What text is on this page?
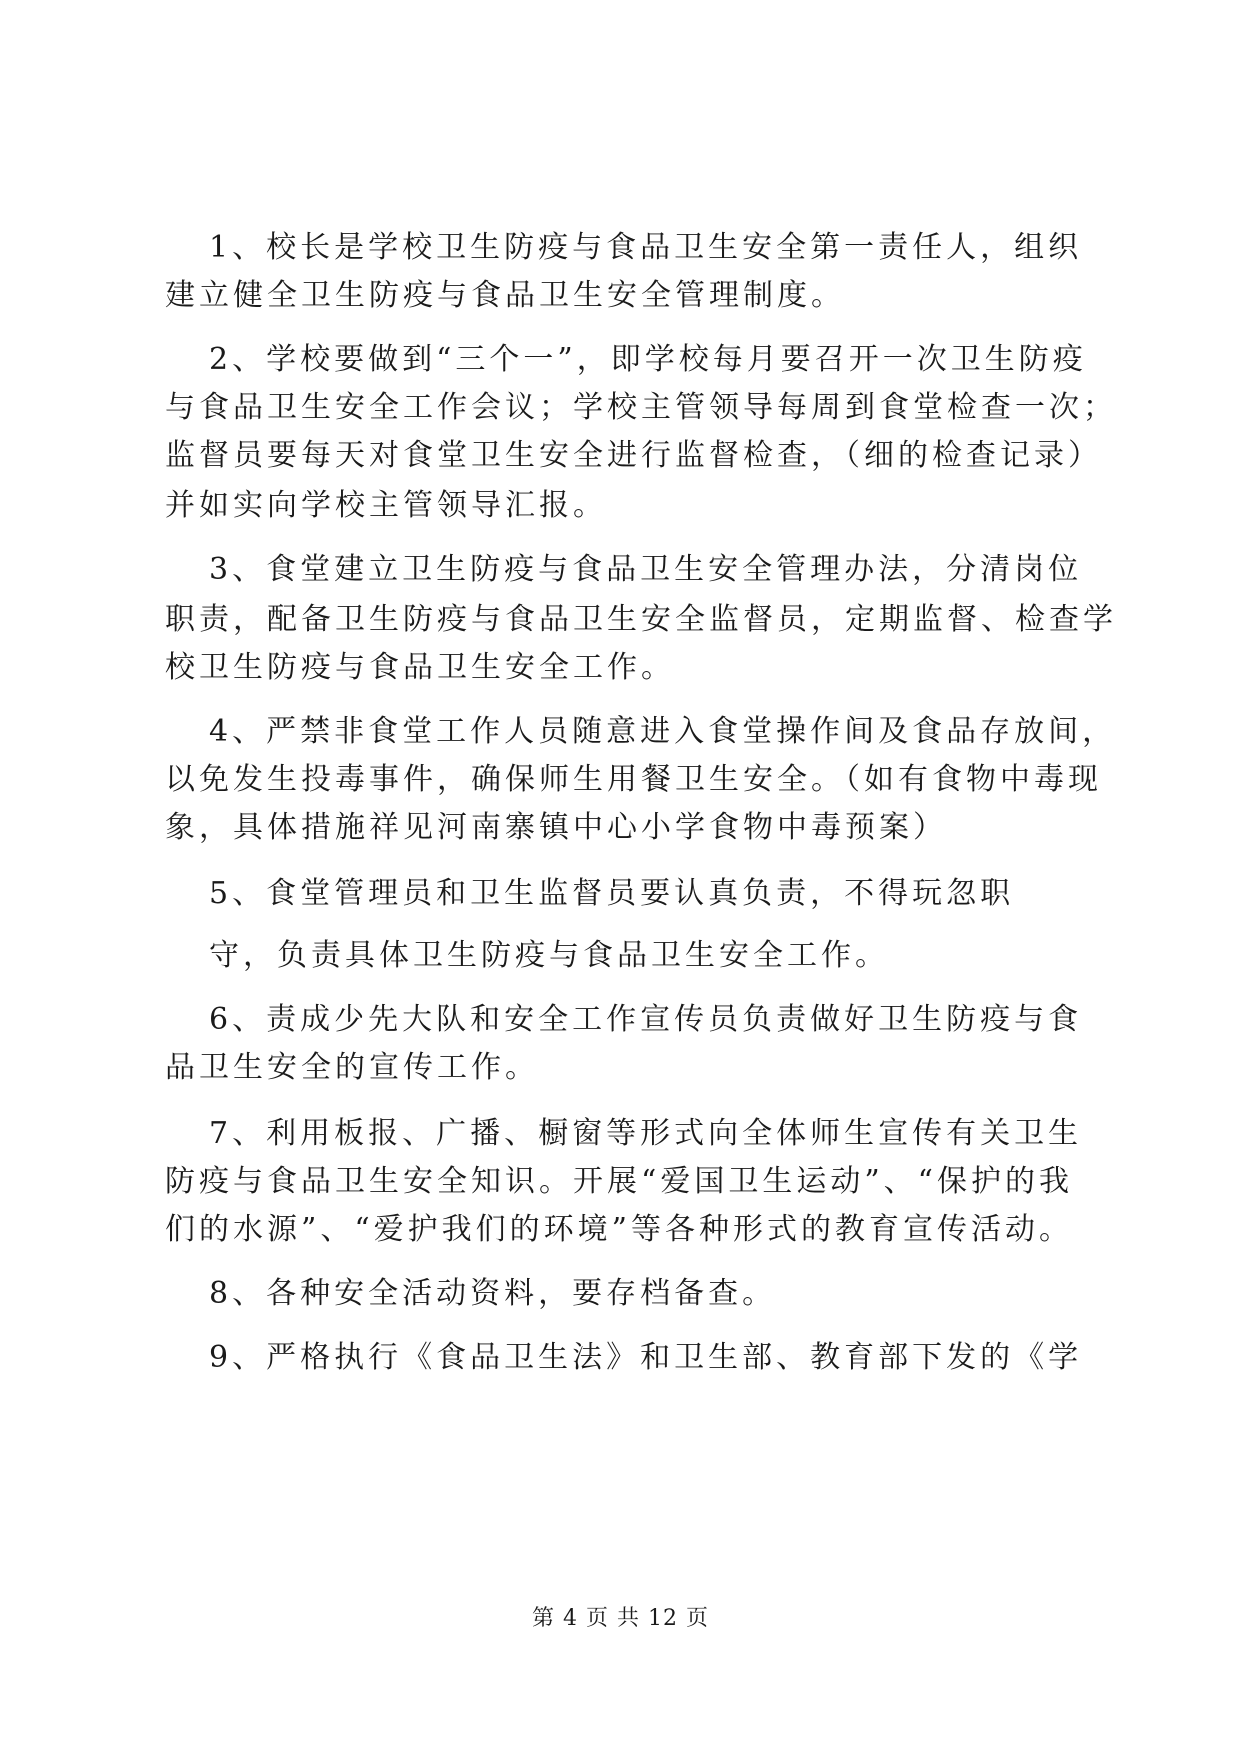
1、校长是学校卫生防疫与食品卫生安全第一责任人，组织
建立健全卫生防疫与食品卫生安全管理制度。
2、学校要做到“三个一”，即学校每月要召开一次卫生防疫
与食品卫生安全工作会议；学校主管领导每周到食堂检查一次；
监督员要每天对食堂卫生安全进行监督检查，（细的检查记录）
并如实向学校主管领导汇报。
3、食堂建立卫生防疫与食品卫生安全管理办法，分清岗位
职责，配备卫生防疫与食品卫生安全监督员，定期监督、检查学
校卫生防疫与食品卫生安全工作。
4、严禁非食堂工作人员随意进入食堂操作间及食品存放间，
以免发生投毒事件，确保师生用餐卫生安全。（如有食物中毒现
象，具体措施祥见河南寨镇中心小学食物中毒预案）
5、食堂管理员和卫生监督员要认真负责，不得玩忽职
守，负责具体卫生防疫与食品卫生安全工作。
6、责成少先大队和安全工作宣传员负责做好卫生防疫与食
品卫生安全的宣传工作。
7、利用板报、广播、橱窗等形式向全体师生宣传有关卫生
防疫与食品卫生安全知识。开展“爱国卫生运动”、“保护的我
们的水源”、“爱护我们的环境”等各种形式的教育宣传活动。
8、各种安全活动资料，要存档备查。
9、严格执行《食品卫生法》和卫生部、教育部下发的《学
第 4 页 共 12 页
